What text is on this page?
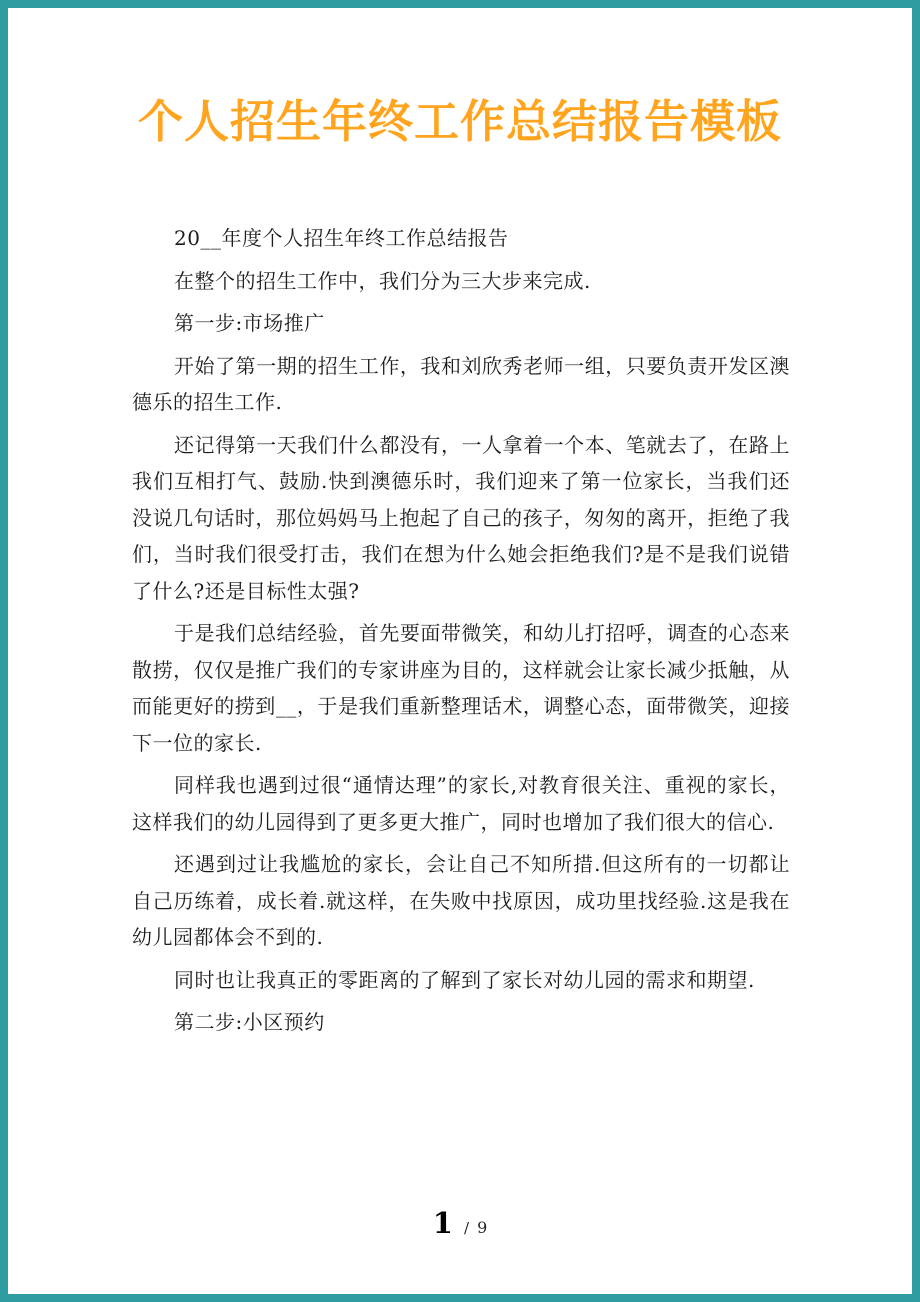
个人招生年终工作总结报告模板

20__年度个人招生年终工作总结报告

在整个的招生工作中，我们分为三大步来完成.

第一步:市场推广

开始了第一期的招生工作，我和刘欣秀老师一组，只要负责开发区澳德乐的招生工作.

还记得第一天我们什么都没有，一人拿着一个本、笔就去了，在路上我们互相打气、鼓励.快到澳德乐时，我们迎来了第一位家长，当我们还没说几句话时，那位妈妈马上抱起了自己的孩子，匆匆的离开，拒绝了我们，当时我们很受打击，我们在想为什么她会拒绝我们?是不是我们说错了什么?还是目标性太强?

于是我们总结经验，首先要面带微笑，和幼儿打招呼，调查的心态来散捞，仅仅是推广我们的专家讲座为目的，这样就会让家长减少抵触，从而能更好的捞到__，于是我们重新整理话术，调整心态，面带微笑，迎接下一位的家长.

同样我也遇到过很“通情达理”的家长,对教育很关注、重视的家长，这样我们的幼儿园得到了更多更大推广，同时也增加了我们很大的信心.

还遇到过让我尴尬的家长，会让自己不知所措.但这所有的一切都让自己历练着，成长着.就这样，在失败中找原因，成功里找经验.这是我在幼儿园都体会不到的.

同时也让我真正的零距离的了解到了家长对幼儿园的需求和期望.

第二步:小区预约

1 / 9
